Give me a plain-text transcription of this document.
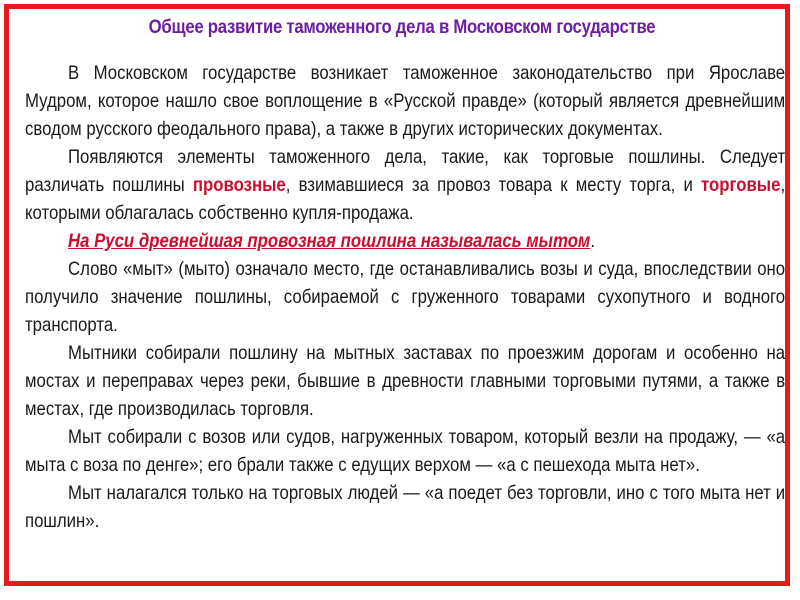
Общее развитие таможенного дела в Московском государстве

В Московском государстве возникает таможенное законодательство при Ярославе Мудром, которое нашло свое воплощение в «Русской правде» (который является древнейшим сводом русского феодального права), а также в других исторических документах.

Появляются элементы таможенного дела, такие, как торговые пошлины. Следует различать пошлины провозные, взимавшиеся за провоз товара к месту торга, и торговые, которыми облагалась собственно купля-продажа.

На Руси древнейшая провозная пошлина называлась мытом.

Слово «мыт» (мыто) означало место, где останавливались возы и суда, впоследствии оно получило значение пошлины, собираемой с груженного товарами сухопутного и водного транспорта.

Мытники собирали пошлину на мытных заставах по проезжим дорогам и особенно на мостах и переправах через реки, бывшие в древности главными торговыми путями, а также в местах, где производилась торговля.

Мыт собирали с возов или судов, нагруженных товаром, который везли на продажу, — «а мыта с воза по денге»; его брали также с едущих верхом — «а с пешехода мыта нет».

Мыт налагался только на торговых людей — «а поедет без торговли, ино с того мыта нет и пошлин».
